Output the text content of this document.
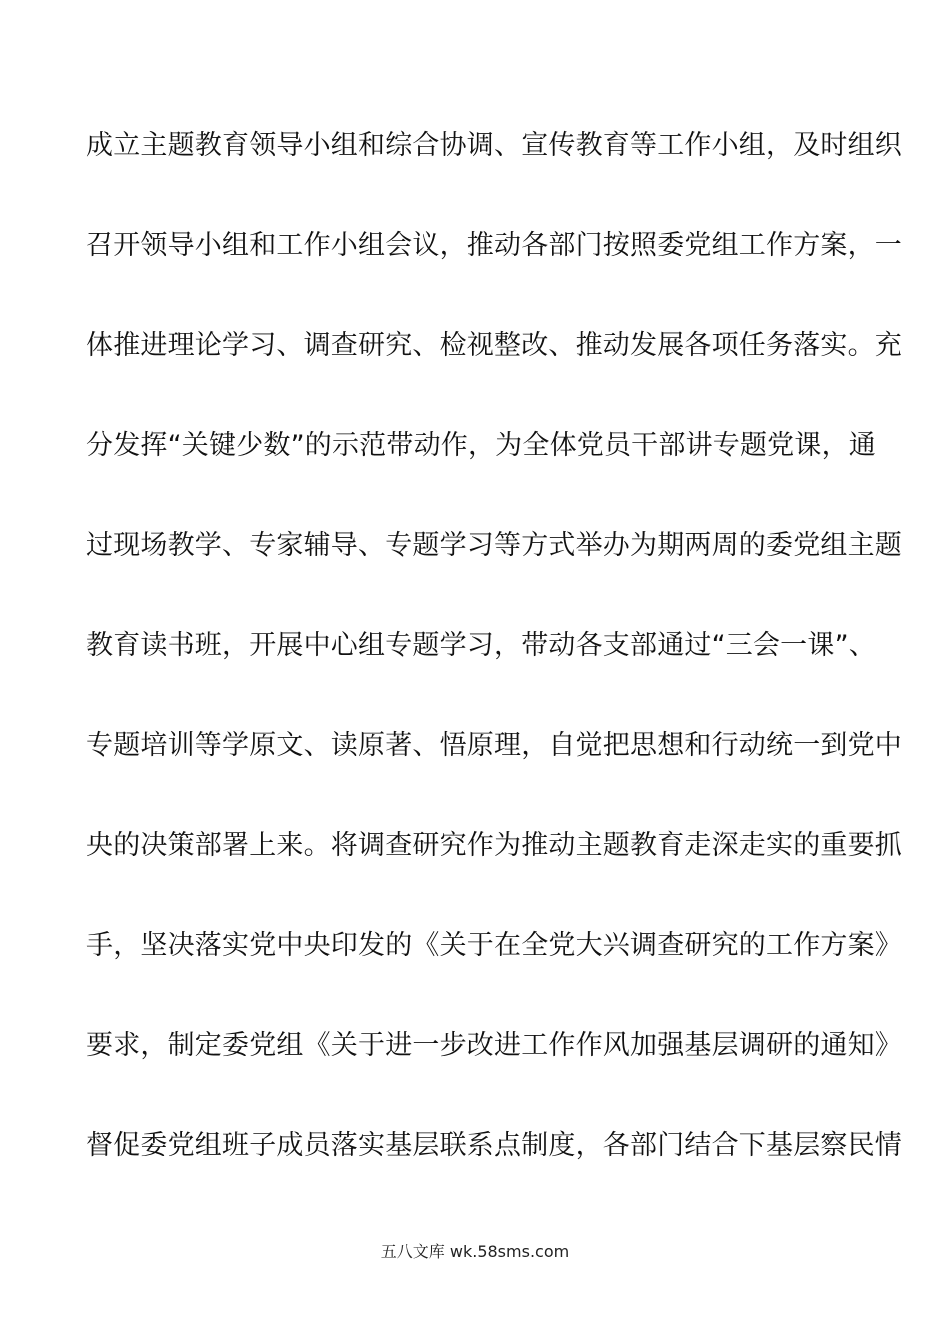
成立主题教育领导小组和综合协调、宣传教育等工作小组，及时组织
召开领导小组和工作小组会议，推动各部门按照委党组工作方案，一
体推进理论学习、调查研究、检视整改、推动发展各项任务落实。充
分发挥“关键少数”的示范带动作，为全体党员干部讲专题党课，通
过现场教学、专家辅导、专题学习等方式举办为期两周的委党组主题
教育读书班，开展中心组专题学习，带动各支部通过“三会一课”、
专题培训等学原文、读原著、悟原理，自觉把思想和行动统一到党中
央的决策部署上来。将调查研究作为推动主题教育走深走实的重要抓
手，坚决落实党中央印发的《关于在全党大兴调查研究的工作方案》
要求，制定委党组《关于进一步改进工作作风加强基层调研的通知》
督促委党组班子成员落实基层联系点制度，各部门结合下基层察民情
五八文库 wk.58sms.com
